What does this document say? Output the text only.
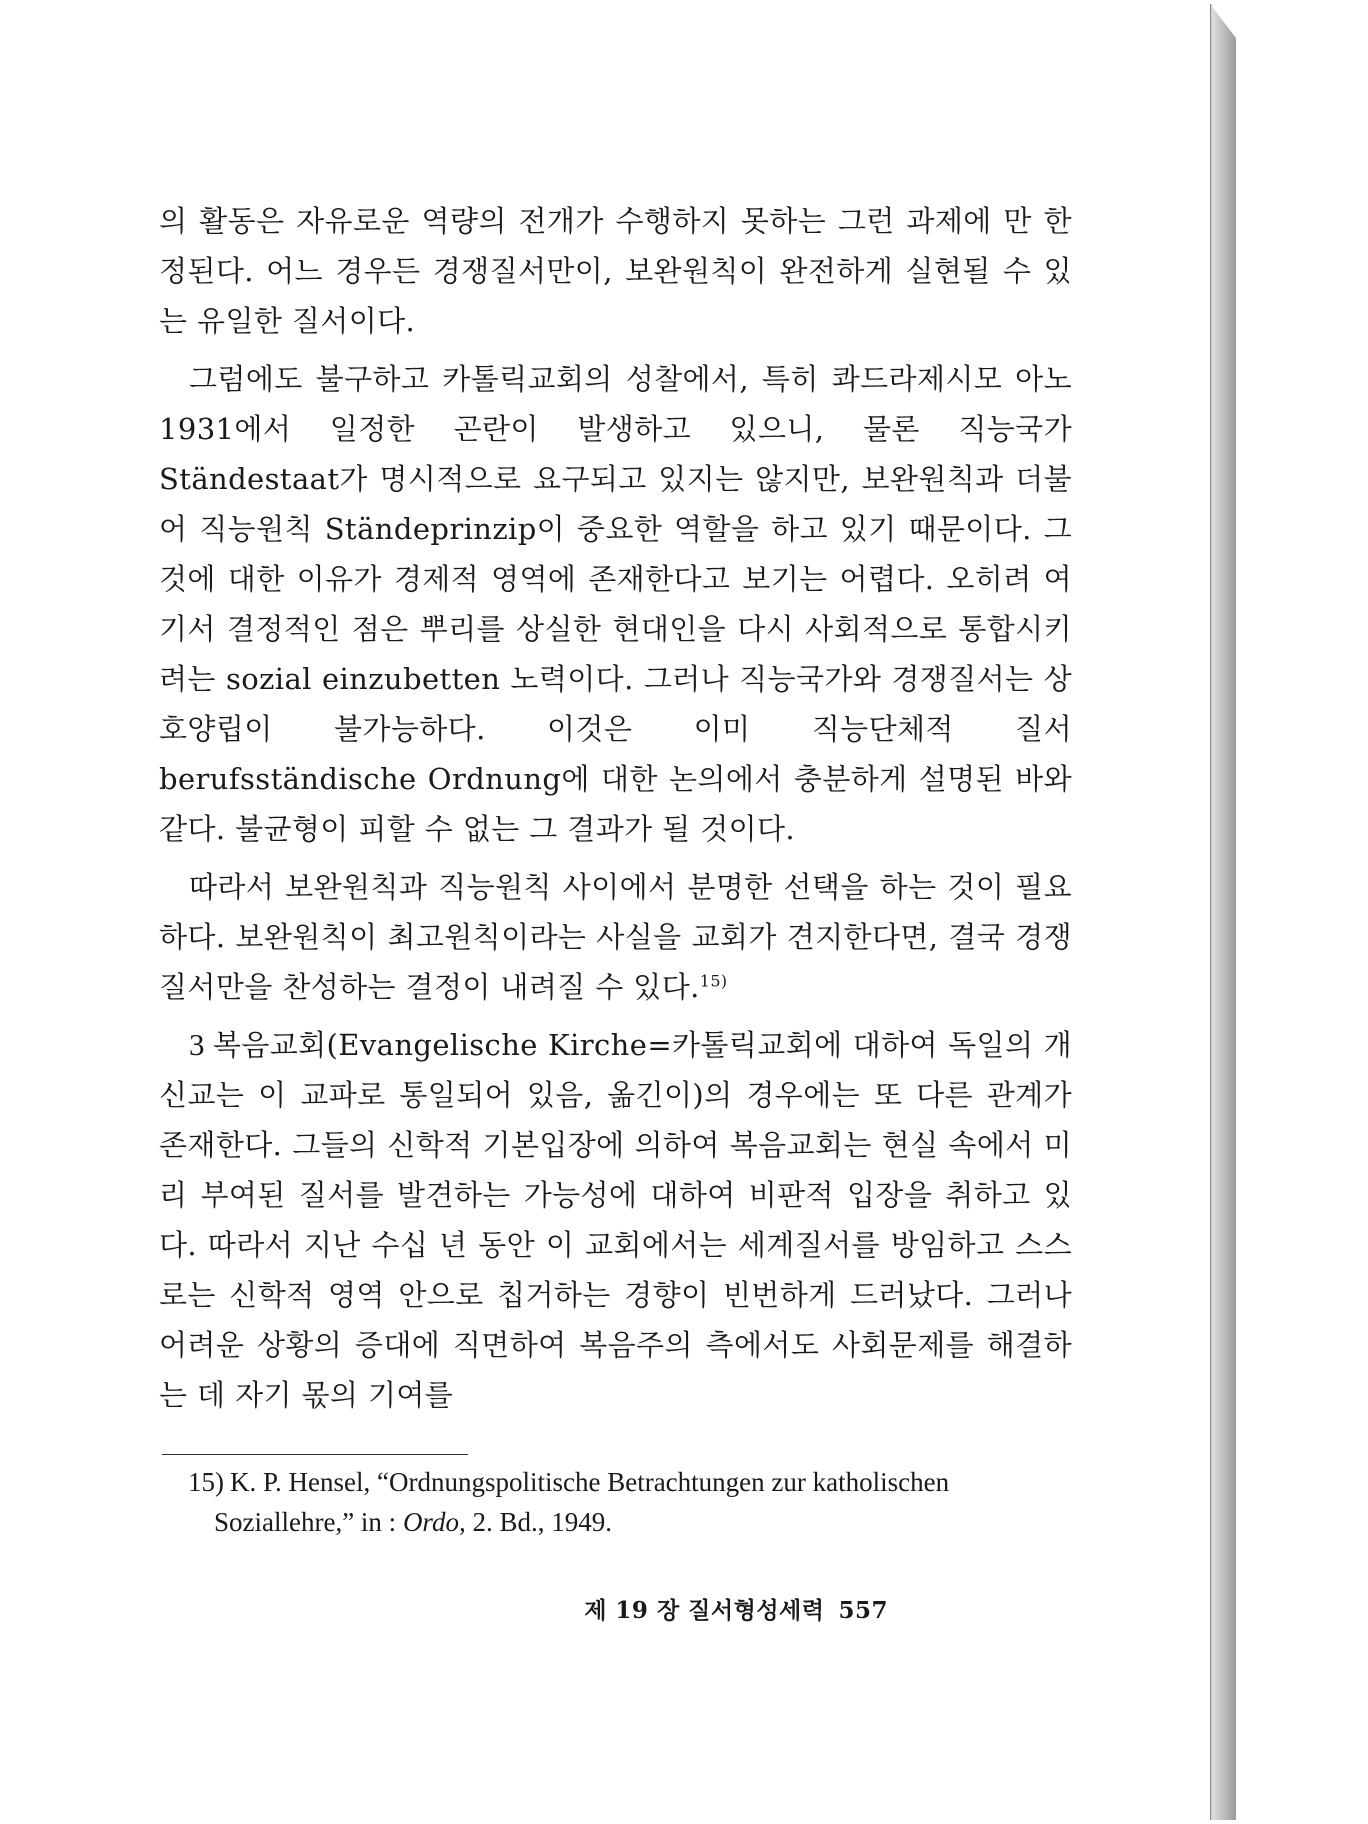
의 활동은 자유로운 역량의 전개가 수행하지 못하는 그런 과제에 만 한정된다. 어느 경우든 경쟁질서만이, 보완원칙이 완전하게 실현될 수 있는 유일한 질서이다.

그럼에도 불구하고 카톨릭교회의 성찰에서, 특히 콰드라제시모 아노 1931에서 일정한 곤란이 발생하고 있으니, 물론 직능국가 Ständestaat가 명시적으로 요구되고 있지는 않지만, 보완원칙과 더불어 직능원칙 Ständeprinzip이 중요한 역할을 하고 있기 때문이다. 그것에 대한 이유가 경제적 영역에 존재한다고 보기는 어렵다. 오히려 여기서 결정적인 점은 뿌리를 상실한 현대인을 다시 사회적으로 통합시키려는 sozial einzubetten 노력이다. 그러나 직능국가와 경쟁질서는 상호양립이 불가능하다. 이것은 이미 직능단체적 질서 berufsständische Ordnung에 대한 논의에서 충분하게 설명된 바와 같다. 불균형이 피할 수 없는 그 결과가 될 것이다.

따라서 보완원칙과 직능원칙 사이에서 분명한 선택을 하는 것이 필요하다. 보완원칙이 최고원칙이라는 사실을 교회가 견지한다면, 결국 경쟁질서만을 찬성하는 결정이 내려질 수 있다.$^{15)}$

3 복음교회(Evangelische Kirche=카톨릭교회에 대하여 독일의 개신교는 이 교파로 통일되어 있음, 옮긴이)의 경우에는 또 다른 관계가 존재한다. 그들의 신학적 기본입장에 의하여 복음교회는 현실 속에서 미리 부여된 질서를 발견하는 가능성에 대하여 비판적 입장을 취하고 있다. 따라서 지난 수십 년 동안 이 교회에서는 세계질서를 방임하고 스스로는 신학적 영역 안으로 칩거하는 경향이 빈번하게 드러났다. 그러나 어려운 상황의 증대에 직면하여 복음주의 측에서도 사회문제를 해결하는 데 자기 몫의 기여를

15) K. P. Hensel, “Ordnungspolitische Betrachtungen zur katholischen
Soziallehre,” in : Ordo, 2. Bd., 1949.
제 19 장 질서형성세력 557
